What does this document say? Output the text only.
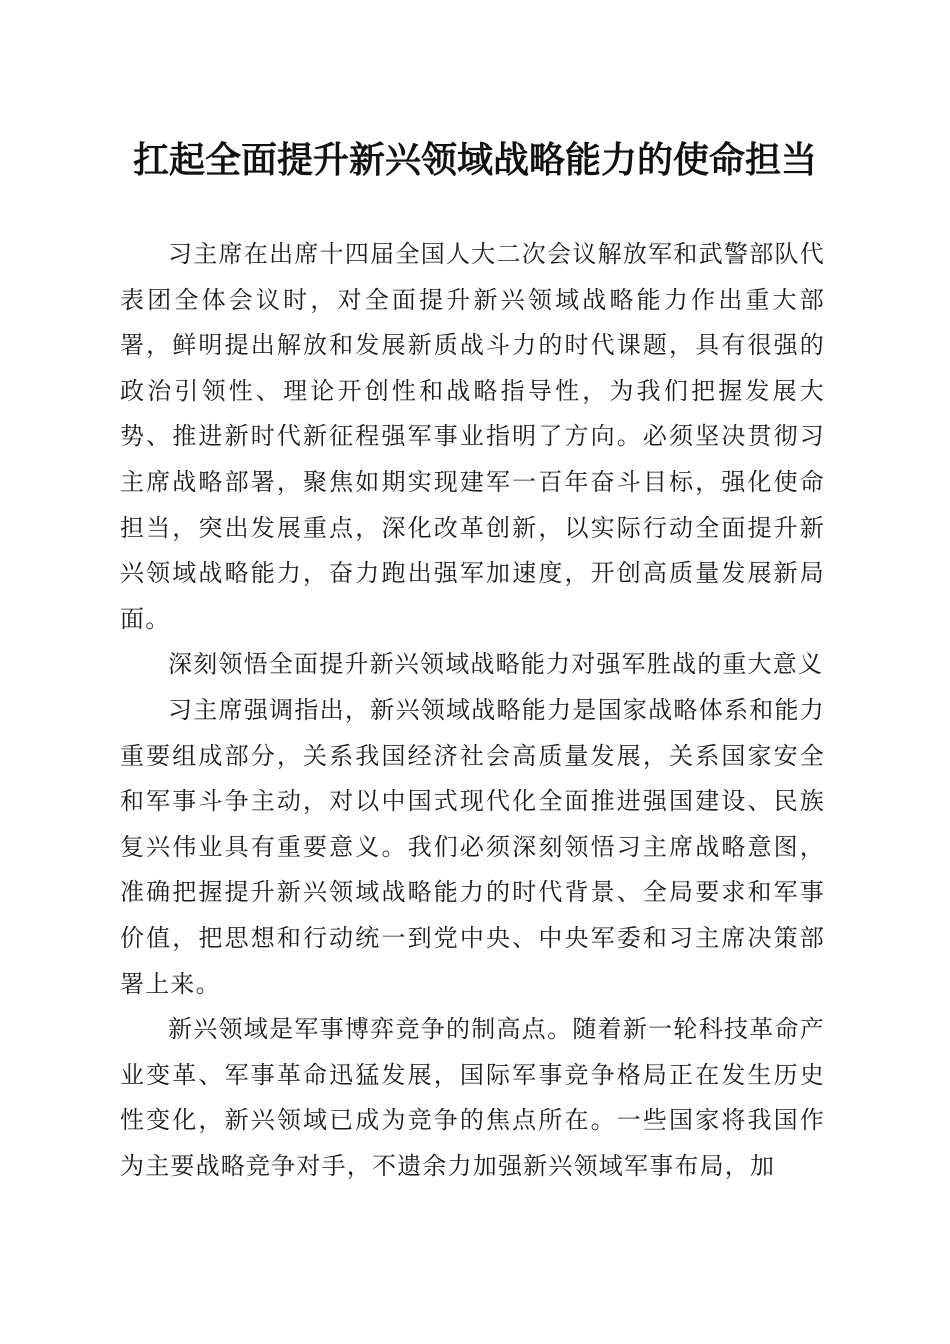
扛起全面提升新兴领域战略能力的使命担当

习主席在出席十四届全国人大二次会议解放军和武警部队代表团全体会议时，对全面提升新兴领域战略能力作出重大部署，鲜明提出解放和发展新质战斗力的时代课题，具有很强的政治引领性、理论开创性和战略指导性，为我们把握发展大势、推进新时代新征程强军事业指明了方向。必须坚决贯彻习主席战略部署，聚焦如期实现建军一百年奋斗目标，强化使命担当，突出发展重点，深化改革创新，以实际行动全面提升新兴领域战略能力，奋力跑出强军加速度，开创高质量发展新局面。

深刻领悟全面提升新兴领域战略能力对强军胜战的重大意义

习主席强调指出，新兴领域战略能力是国家战略体系和能力重要组成部分，关系我国经济社会高质量发展，关系国家安全和军事斗争主动，对以中国式现代化全面推进强国建设、民族复兴伟业具有重要意义。我们必须深刻领悟习主席战略意图，准确把握提升新兴领域战略能力的时代背景、全局要求和军事价值，把思想和行动统一到党中央、中央军委和习主席决策部署上来。

新兴领域是军事博弈竞争的制高点。随着新一轮科技革命产业变革、军事革命迅猛发展，国际军事竞争格局正在发生历史性变化，新兴领域已成为竞争的焦点所在。一些国家将我国作为主要战略竞争对手，不遗余力加强新兴领域军事布局，加
